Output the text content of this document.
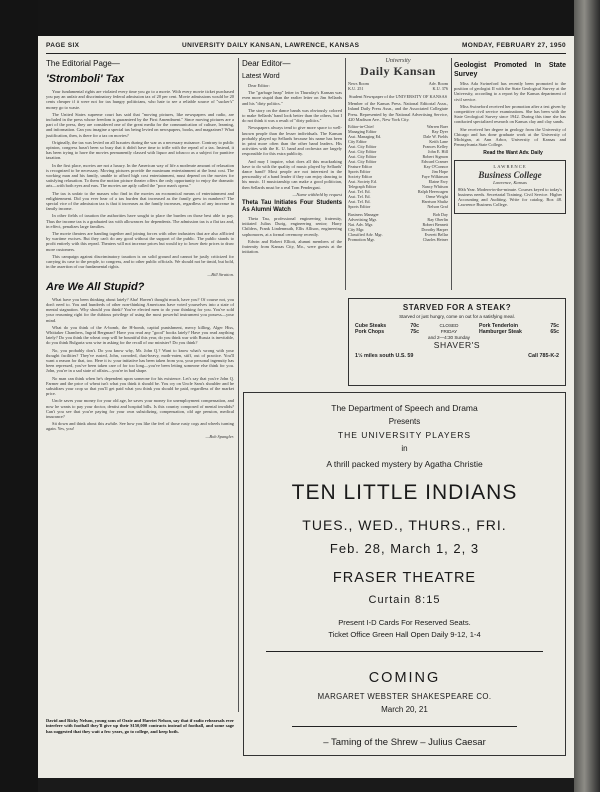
PAGE SIX	UNIVERSITY DAILY KANSAN, LAWRENCE, KANSAS	MONDAY, FEBRUARY 27, 1950
The Editorial Page—
'Stromboli' Tax

Your fundamental rights are violated every time you go to a movie. With every movie ticket purchased you pay an unfair and discriminatory federal admission tax of 20 per cent. Movie admissions would be 20 cents cheaper if it were not for tax hungry politicians, who hate to see a reliable source of "sucker's" money go to waste.

The United States supreme court has said that "moving pictures, like newspapers and radio, are included in the press whose freedom is guaranteed by the First Amendment." Since moving pictures are a part of the press, they are considered one of the great media for the communication of culture, learning, and information. Can you imagine a special tax being levied on newspapers, books, and magazines? What justification, then, is there for a tax on movies?

Originally, the tax was levied on all luxuries during the war as a necessary nuisance. Contrary to public opinion, congress hasn't been so busy that it didn't have time to trifle with the repeal of a tax. Instead, it has been trying to have the movies permanently classed with liquor and tobacco as a subject for punitive taxation.

In the first place, movies are not a luxury. In the American way of life a moderate amount of relaxation is recognized to be necessary. Moving pictures provide the maximum entertainment at the least cost. The working man and his family, unable to afford high cost entertainment, must depend on the movies for satisfying relaxation. To them the motion picture theater offers the only opportunity to enjoy the dramatic arts—with both eyes and ears. The movies are aptly called the "poor man's opera."

The tax is unfair to the masses who find in the movies an economical means of entertainment and enlightenment. Did you ever hear of a tax burden that increased as the family grew in numbers? The special vice of the admission tax is that it increases as the family increases, regardless of any increase in family income.

In other fields of taxation the authorities have sought to place the burden on those best able to pay. Thus the income tax is a graduated tax with allowances for dependents. The admission tax is a flat tax and, in effect, penalizes large families.

The movie theaters are banding together and joining forces with other industries that are also afflicted by wartime excises. But they can't do any good without the support of the public. The public stands to profit entirely with this repeal. Theaters will not increase prices but would try to lower their prices to draw more customers.

This campaign against discriminatory taxation is on solid ground and cannot be justly criticized for carrying its case to the people, to congress, and to other public officials. We should not be timid, but bold, in the assertion of our fundamental rights.

—Bill Stratton.

Are We All Stupid?

What have you been thinking about lately? Aha! Haven't thought much, have you? Of course not, you don't need to. You and hundreds of other non-thinking Americans have voted yourselves into a state of mental stagnation. Why should you think? You've elected men to do your thinking for you. You've sold your reasoning right for the dubious privilege of using the most powerful instrument you possess—your mind.

What do you think of the A-bomb, the H-bomb, capital punishment, mercy killing, Alger Hiss, Whittaker Chambers, Ingrid Bergman? Have you read any "good" books lately? Have you read anything lately? Do you think the wheat crop will be bountiful this year, do you think war with Russia is inevitable, do you think Bulgaria was wise in asking for the recall of our minister? Do you think?

No, you probably don't. Do you know why, Mr. John Q.? Want to know what's wrong with your thought facilities? They've rusted, John, corroded, dust-heavy, moth-eaten, stiff, out of practice. You'll want a reason for that, too. Here it is: your initiative has been taken from you, your personal ingenuity has been repressed, you've been taken care of for too long—you've been letting someone else think for you. John, you're in a sad state of affairs—you're in bad shape.

No man can think when he's dependent upon someone for his existence. Let's say that you're John Q. Farmer and the price of wheat isn't what you think it should be. You cry on Uncle Sam's shoulder and he subsidizes your crop so that you'll get paid what you think you should be paid, regardless of the market price.

Uncle saves your money for your old age, he saves your money for unemployment compensation, and now he wants to pay your doctor, dentist and hospital bills. Is this country composed of mental invalids? Can't you see that you're paying for your own subsidizing, compensation, old age pension, medical insurance?

Sit down and think about this awhile. See how you like the feel of those rusty cogs and wheels turning again. Yes, you!

—Bob Spangler.

David and Ricky Nelson, young sons of Ozzie and Harriet Nelson, say that if radio rehearsals ever interfere with football they'll give up their $150,000 contracts instead of football, and some sage has suggested that they wait a few years, go to college, and keep both.
Dear Editor—
Latest Word

Dear Editor:

The "garbage heap" letter in Thursday's Kansan was even more stupid than the earlier letter on Jim Sellards and his "dirty politics."

The story on the dance bands was obviously colored to make Sellards' band look better than the others, but I do not think it was a result of "dirty politics."

Newspapers always tend to give more space to well-known people than the lesser individuals. The Kansan probably played up Sellards because his name has been in print more often than the other band leaders. His activities with the K. U. band and orchestra are largely responsible for this extra publicity.

And may I inquire, what does all this muckraking have to do with the quality of music played by Sellards' dance band? Most people are not interested in the personality of a band leader if they can enjoy dancing to his music. If musicianship can make a good politician, then Sellards must be a real Tom Pendergast.

—Name withheld by request

Theta Tau Initiates Four Students As Alumni Watch

Theta Tau, professional engineering fraternity, initiated Julius Durig, engineering senior; Harry Childers, Frank Lindenmuth, Ellis Allison, engineering sophomores, at a formal ceremony recently.

Edwin and Robert Elliott, alumni members of the fraternity from Kansas City, Mo., were guests at the initiation.

University
Daily Kansan
News Room	Adv. Room
K.U. 251	K.U. 376

Student Newspaper of the UNIVERSITY OF KANSAS

Member of the Kansas Press. National Editorial Assn., Inland Daily Press Assn., and the Associated Collegiate Press. Represented by the National Advertising Service, 420 Madison Ave., New York City.

Editor-in-Chief	Warren Baer
Managing Editor	Ray Dyer
Asst. Managing Ed.	Dale W. Fields
City Editor	Keith Lane
Asst. City Editor	Frances Kelley
Asst. City Editor	John E. Hill
Asst. City Editor	Robert Sigmon
Asst. City Editor	Edward Cramer
Feature Editor	Kay O'Connor
Sports Editor	Jim Hope
Society Editor	Faye Wilkinson
Asst. Society Ed.	Elaine Ewy
Telegraph Editor	Nancy Whitson
Asst. Tel. Ed.	Ralph Heerwagen
Asst. Tel. Ed.	Orme Wright
Asst. Tel. Ed.	Harrison Shultz
Sports Editor	Nelson Graf
Business Manager	Bob Day
Advertising Mgr.	Ray Oberlin
Nat. Adv. Mgr.	Robert Bennett
City Mgr.	Dorothy Harper
Classified Adv. Mgr.	Everett Bellar
Promotion Mgr.	Charles Heiner
Geologist Promoted In State Survey

Miss Ada Swineford has recently been promoted to the position of geologist II with the State Geological Survey at the University, according to a report by the Kansas department of civil service.

Miss Swineford received her promotion after a test given by competitive civil service examinations. She has been with the State Geological Survey since 1942. During this time she has conducted specialized research on Kansas clay and clay sands.

She received her degree in geology from the University of Chicago and has done graduate work at the University of Michigan, at Ann Arbor, University of Kansas and Pennsylvania State College.

Read the Want Adv. Daily

LAWRENCE
Business College
Lawrence, Kansas

80th Year. Modern-in-the-minute. Courses keyed to today's business needs. Secretarial Training. Civil Service. Higher Accounting and Auditing. Write for catalog. Box 48. Lawrence Business College.

STARVED FOR A STEAK?
Starved or just hungry, come on out for a satisfying meal.
Cube Steaks	70c
Pork Chops	75c
CLOSED
FRIDAY
and 2—4:30 Sunday
Pork Tenderloin	75c
Hamburger Steak	65c
SHAVER'S
1½ miles south U.S. 59	Call 785-K-2
The Department of Speech and Drama
Presents
THE UNIVERSITY PLAYERS
in
A thrill packed mystery by Agatha Christie
TEN LITTLE INDIANS
TUES., WED., THURS., FRI.
Feb. 28, March 1, 2, 3
FRASER THEATRE
Curtain 8:15
Present I-D Cards For Reserved Seats.
Ticket Office Green Hall Open Daily 9-12, 1-4
COMING
MARGARET WEBSTER SHAKESPEARE CO.
March 20, 21
– Taming of the Shrew – Julius Caesar
